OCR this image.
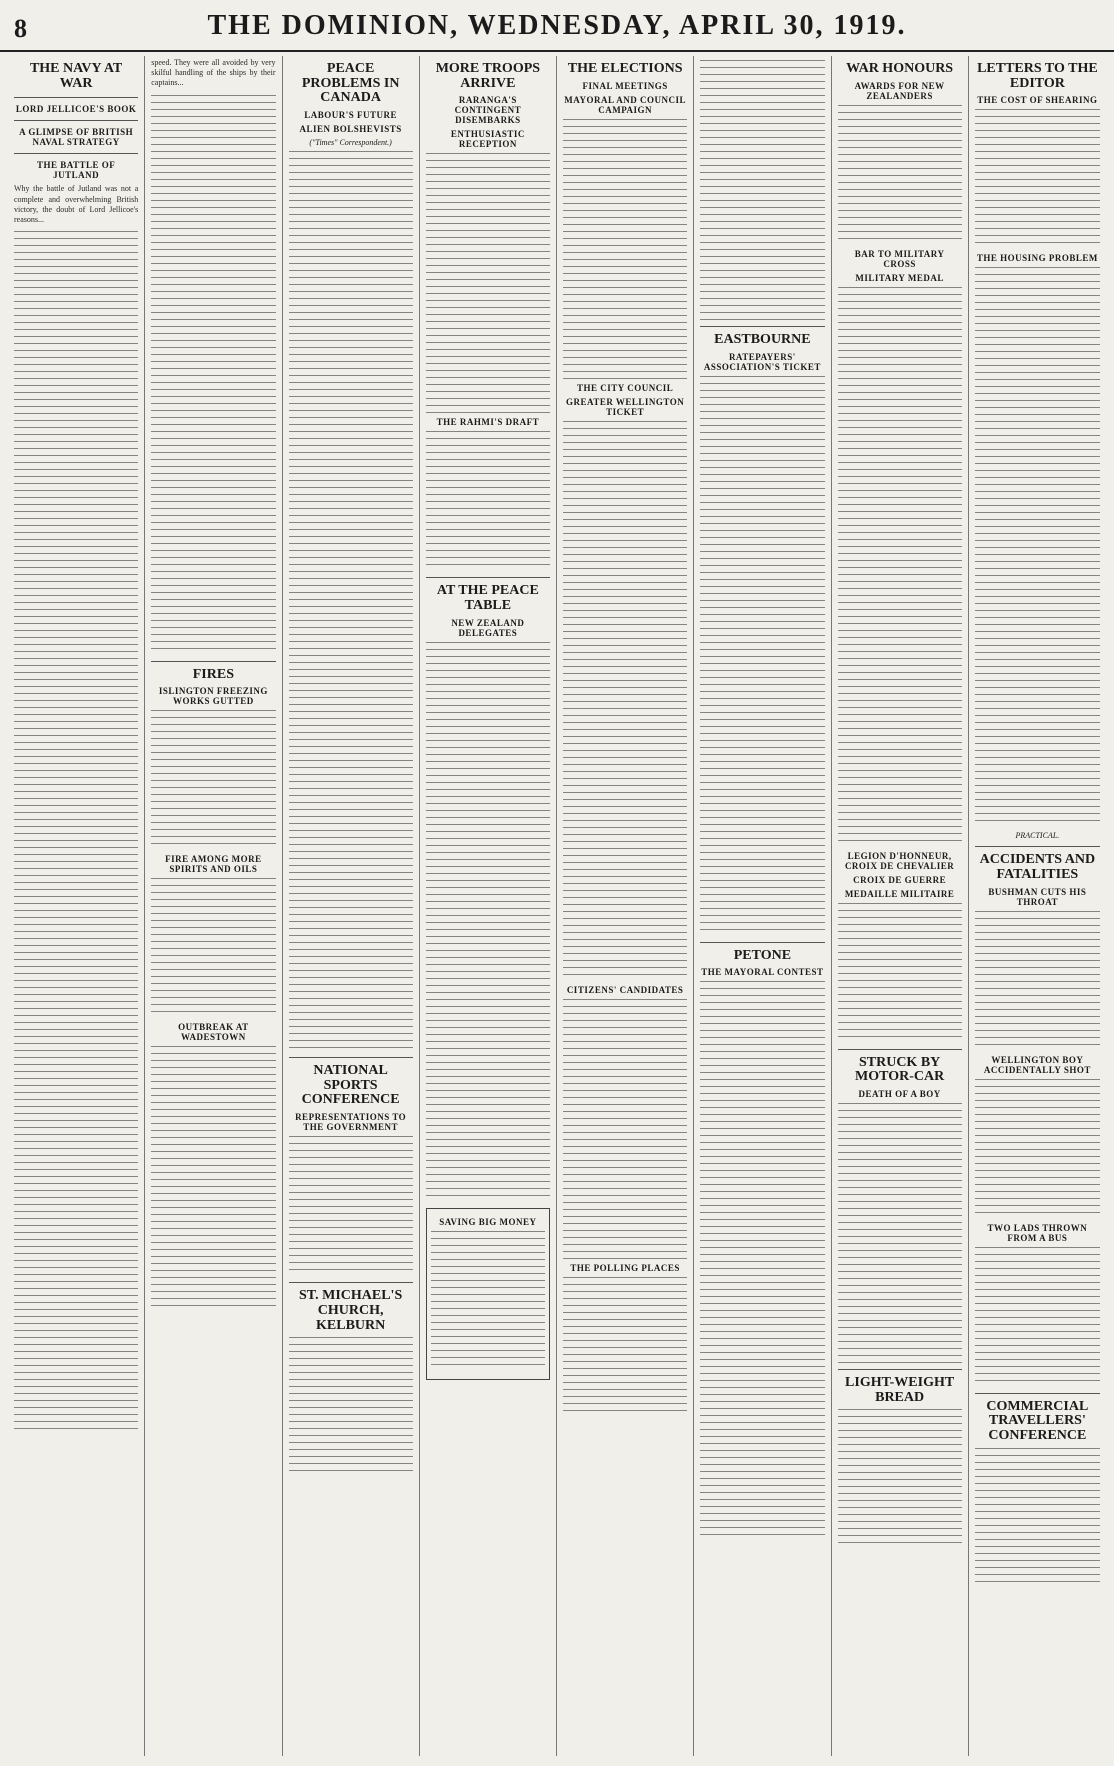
8	THE DOMINION, WEDNESDAY, APRIL 30, 1919.
THE NAVY AT WAR
LORD JELLICOE'S BOOK
A GLIMPSE OF BRITISH NAVAL STRATEGY
THE BATTLE OF JUTLAND
Why the battle of Jutland was not a complete and overwhelming British victory, the doubt of Lord Jellicoe's reasons...
speed. They were all avoided by very skilful handling of the ships by their captains...
FIRES
ISLINGTON FREEZING WORKS GUTTED
FIRE AMONG MORE SPIRITS AND OILS
OUTBREAK AT WADESTOWN
PEACE PROBLEMS IN CANADA
LABOUR'S FUTURE
ALIEN BOLSHEVISTS
("Times" Correspondent.)
NATIONAL SPORTS CONFERENCE
REPRESENTATIONS TO THE GOVERNMENT
ST. MICHAEL'S CHURCH, KELBURN
MORE TROOPS ARRIVE
RARANGA'S CONTINGENT DISEMBARKS
ENTHUSIASTIC RECEPTION
THE RAHMI'S DRAFT
AT THE PEACE TABLE
NEW ZEALAND DELEGATES
SAVING BIG MONEY
THE ELECTIONS
FINAL MEETINGS
MAYORAL AND COUNCIL CAMPAIGN
THE CITY COUNCIL
GREATER WELLINGTON TICKET
CITIZENS' CANDIDATES
THE POLLING PLACES
EASTBOURNE
RATEPAYERS' ASSOCIATION'S TICKET
PETONE
THE MAYORAL CONTEST
WAR HONOURS
AWARDS FOR NEW ZEALANDERS
BAR TO MILITARY CROSS
MILITARY MEDAL
LEGION D'HONNEUR, CROIX DE CHEVALIER
CROIX DE GUERRE
MEDAILLE MILITAIRE
STRUCK BY MOTOR-CAR
DEATH OF A BOY
LIGHT-WEIGHT BREAD
LETTERS TO THE EDITOR
THE COST OF SHEARING
THE HOUSING PROBLEM
PRACTICAL.
ACCIDENTS AND FATALITIES
BUSHMAN CUTS HIS THROAT
WELLINGTON BOY ACCIDENTALLY SHOT
TWO LADS THROWN FROM A BUS
COMMERCIAL TRAVELLERS' CONFERENCE
